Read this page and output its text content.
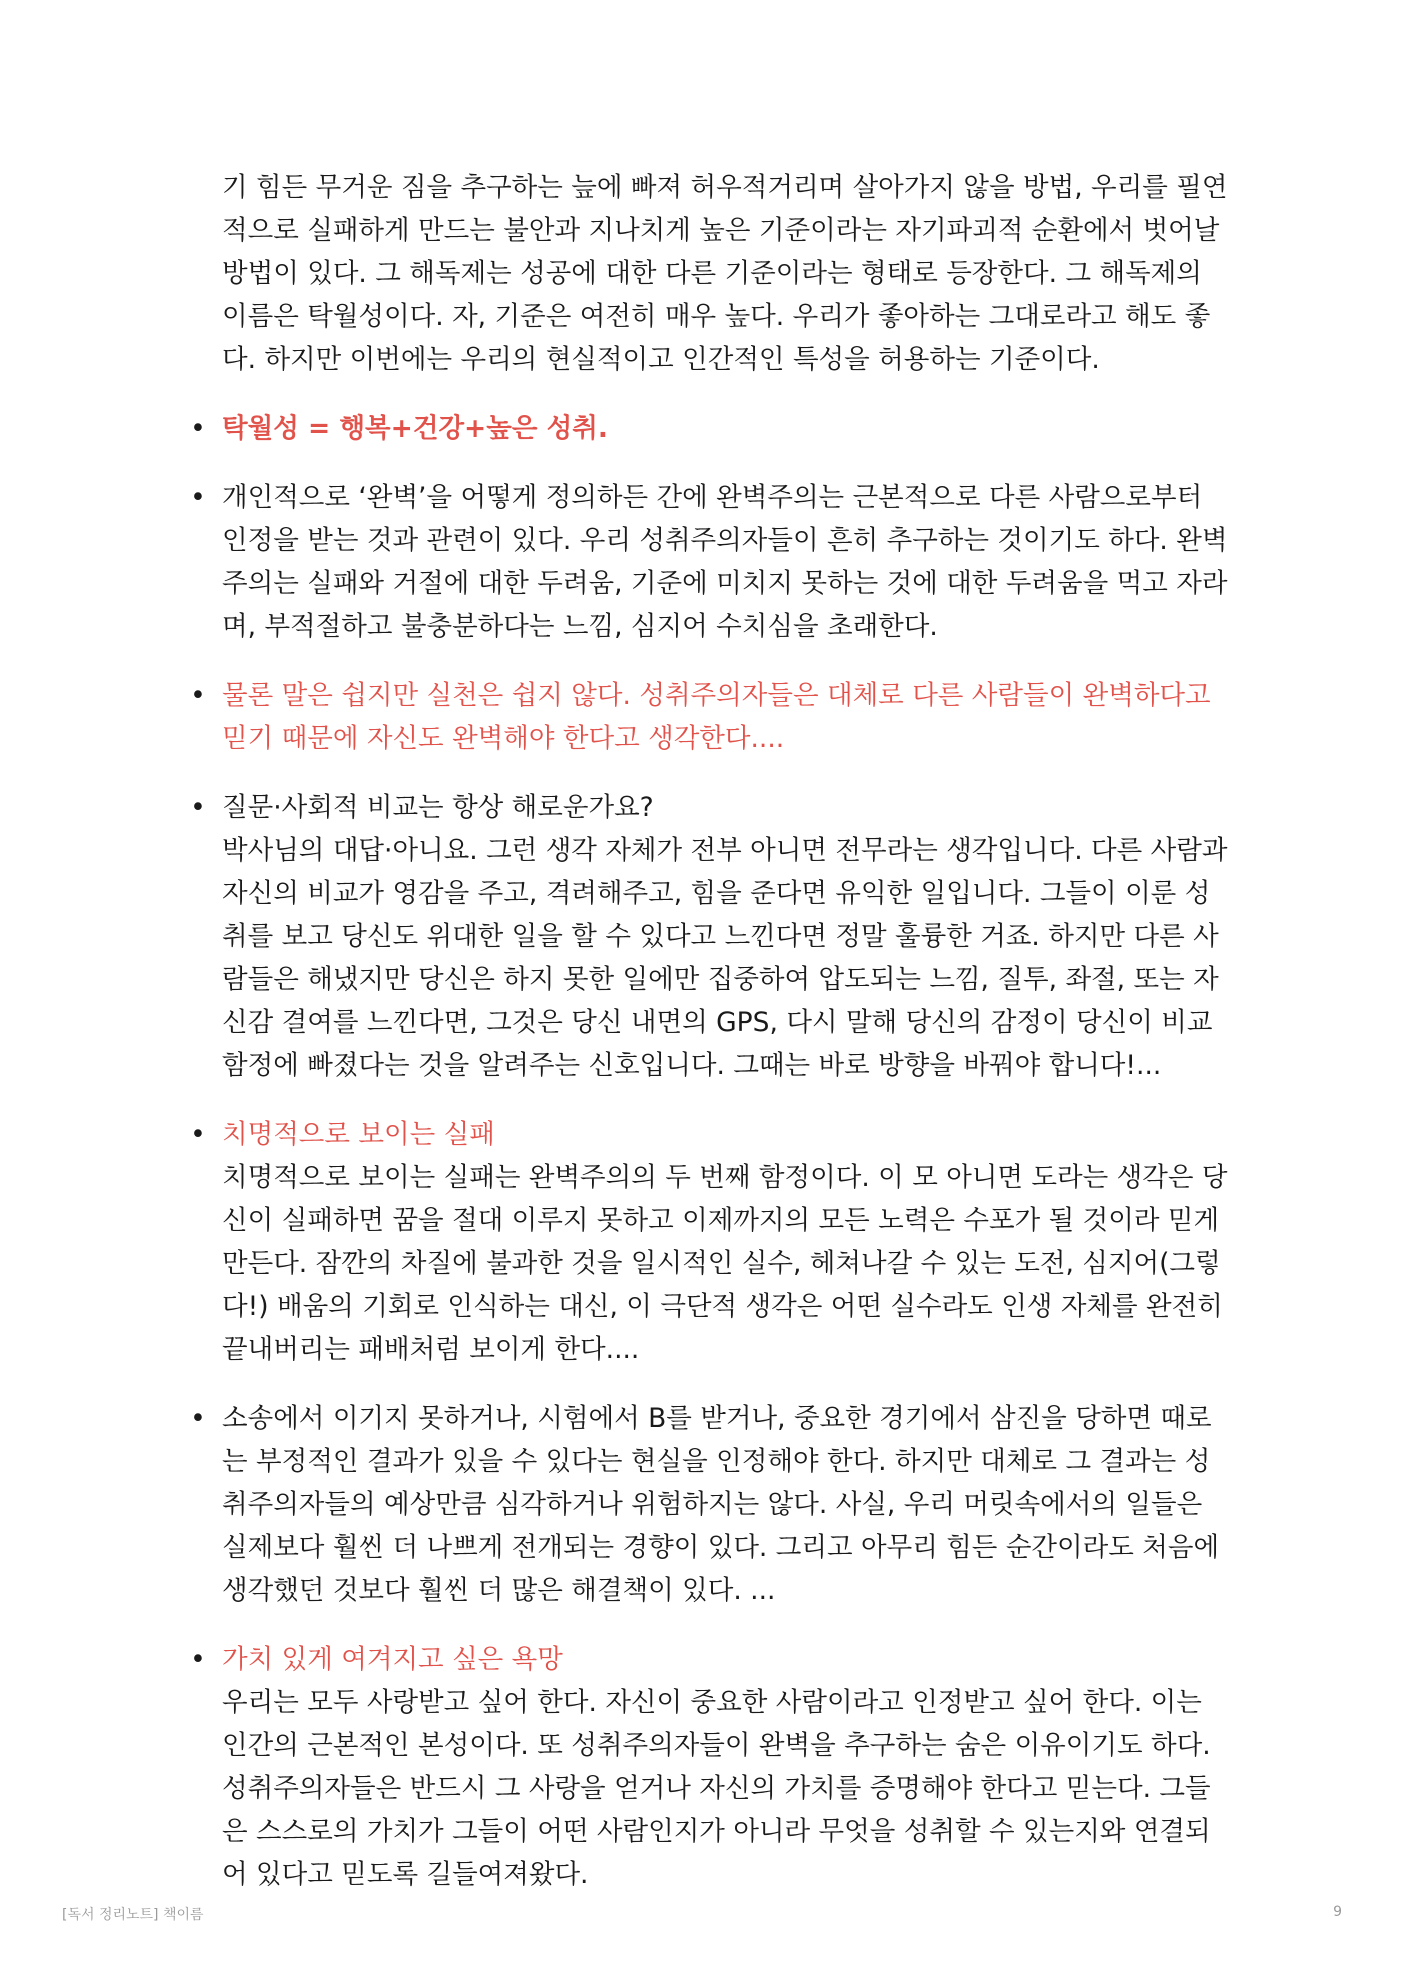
기 힘든 무거운 짐을 추구하는 늪에 빠져 허우적거리며 살아가지 않을 방법, 우리를 필연
적으로 실패하게 만드는 불안과 지나치게 높은 기준이라는 자기파괴적 순환에서 벗어날
방법이 있다. 그 해독제는 성공에 대한 다른 기준이라는 형태로 등장한다. 그 해독제의
이름은 탁월성이다. 자, 기준은 여전히 매우 높다. 우리가 좋아하는 그대로라고 해도 좋
다. 하지만 이번에는 우리의 현실적이고 인간적인 특성을 허용하는 기준이다.
• 탁월성 = 행복+건강+높은 성취.
• 개인적으로 ‘완벽’을 어떻게 정의하든 간에 완벽주의는 근본적으로 다른 사람으로부터
인정을 받는 것과 관련이 있다. 우리 성취주의자들이 흔히 추구하는 것이기도 하다. 완벽
주의는 실패와 거절에 대한 두려움, 기준에 미치지 못하는 것에 대한 두려움을 먹고 자라
며, 부적절하고 불충분하다는 느낌, 심지어 수치심을 초래한다.
• 물론 말은 쉽지만 실천은 쉽지 않다. 성취주의자들은 대체로 다른 사람들이 완벽하다고
믿기 때문에 자신도 완벽해야 한다고 생각한다....
• 질문·사회적 비교는 항상 해로운가요?
박사님의 대답·아니요. 그런 생각 자체가 전부 아니면 전무라는 생각입니다. 다른 사람과
자신의 비교가 영감을 주고, 격려해주고, 힘을 준다면 유익한 일입니다. 그들이 이룬 성
취를 보고 당신도 위대한 일을 할 수 있다고 느낀다면 정말 훌륭한 거죠. 하지만 다른 사
람들은 해냈지만 당신은 하지 못한 일에만 집중하여 압도되는 느낌, 질투, 좌절, 또는 자
신감 결여를 느낀다면, 그것은 당신 내면의 GPS, 다시 말해 당신의 감정이 당신이 비교
함정에 빠졌다는 것을 알려주는 신호입니다. 그때는 바로 방향을 바꿔야 합니다!...
• 치명적으로 보이는 실패
치명적으로 보이는 실패는 완벽주의의 두 번째 함정이다. 이 모 아니면 도라는 생각은 당
신이 실패하면 꿈을 절대 이루지 못하고 이제까지의 모든 노력은 수포가 될 것이라 믿게
만든다. 잠깐의 차질에 불과한 것을 일시적인 실수, 헤쳐나갈 수 있는 도전, 심지어(그렇
다!) 배움의 기회로 인식하는 대신, 이 극단적 생각은 어떤 실수라도 인생 자체를 완전히
끝내버리는 패배처럼 보이게 한다....
• 소송에서 이기지 못하거나, 시험에서 B를 받거나, 중요한 경기에서 삼진을 당하면 때로
는 부정적인 결과가 있을 수 있다는 현실을 인정해야 한다. 하지만 대체로 그 결과는 성
취주의자들의 예상만큼 심각하거나 위험하지는 않다. 사실, 우리 머릿속에서의 일들은
실제보다 훨씬 더 나쁘게 전개되는 경향이 있다. 그리고 아무리 힘든 순간이라도 처음에
생각했던 것보다 훨씬 더 많은 해결책이 있다. ...
• 가치 있게 여겨지고 싶은 욕망
우리는 모두 사랑받고 싶어 한다. 자신이 중요한 사람이라고 인정받고 싶어 한다. 이는
인간의 근본적인 본성이다. 또 성취주의자들이 완벽을 추구하는 숨은 이유이기도 하다.
성취주의자들은 반드시 그 사랑을 얻거나 자신의 가치를 증명해야 한다고 믿는다. 그들
은 스스로의 가치가 그들이 어떤 사람인지가 아니라 무엇을 성취할 수 있는지와 연결되
어 있다고 믿도록 길들여져왔다.
[독서 정리노트] 책이름	9
